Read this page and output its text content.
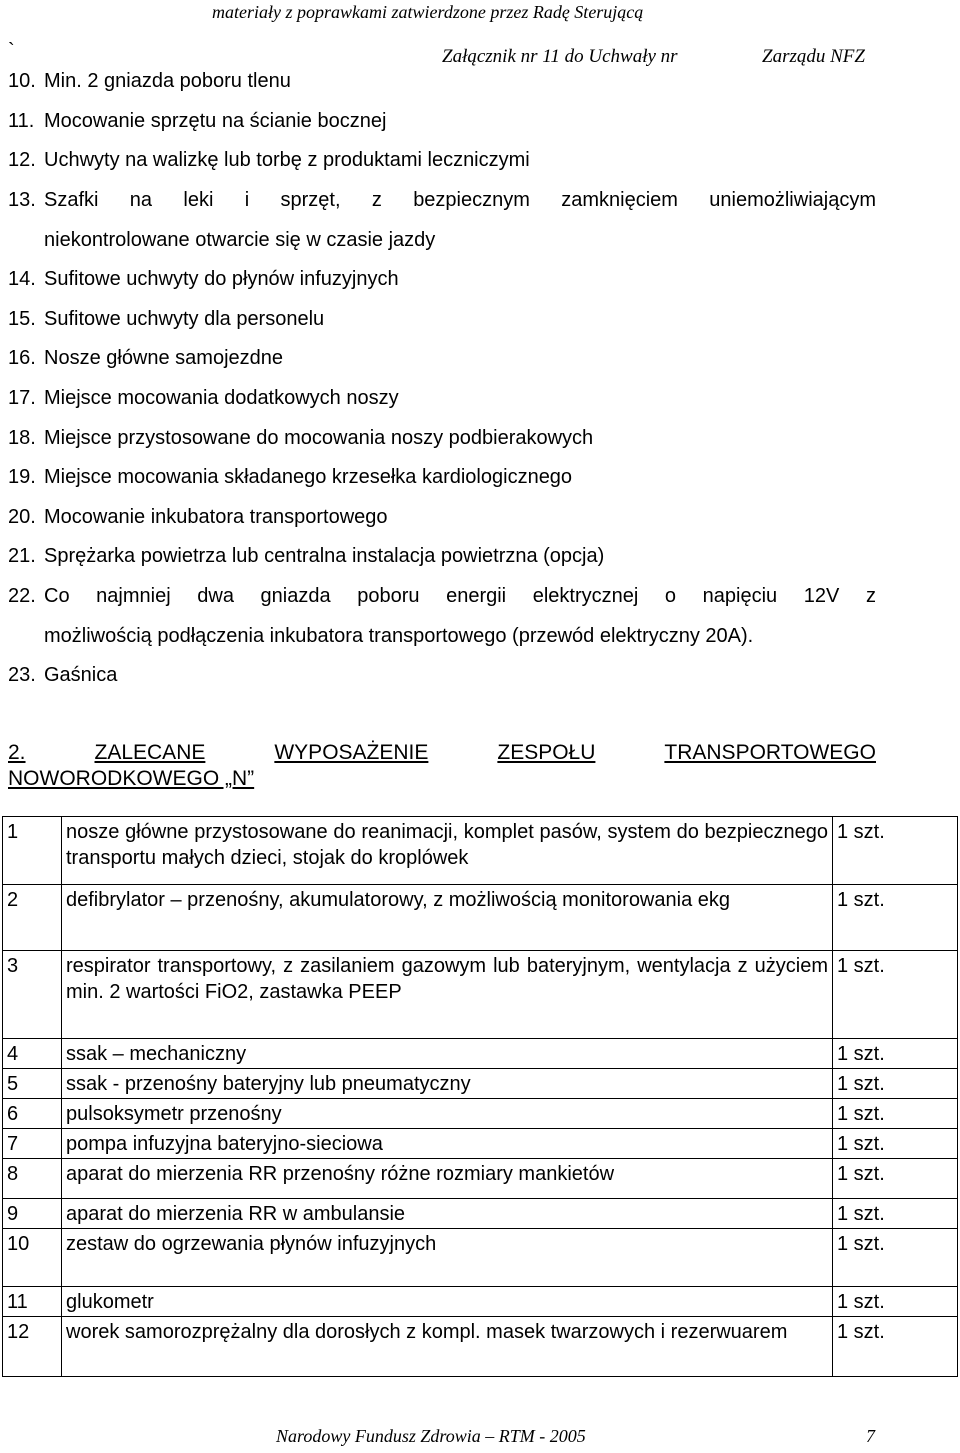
materiały z poprawkami zatwierdzone przez Radę Sterującą
`	Załącznik nr 11 do Uchwały nr	Zarządu NFZ
10. Min. 2 gniazda poboru tlenu
11. Mocowanie sprzętu na ścianie bocznej
12. Uchwyty na walizkę lub torbę z produktami leczniczymi
13. Szafki na leki i sprzęt, z bezpiecznym zamknięciem uniemożliwiającym
niekontrolowane otwarcie się w czasie jazdy
14. Sufitowe uchwyty do płynów infuzyjnych
15. Sufitowe uchwyty dla personelu
16. Nosze główne samojezdne
17. Miejsce mocowania dodatkowych noszy
18. Miejsce przystosowane do mocowania noszy podbierakowych
19. Miejsce mocowania składanego krzesełka kardiologicznego
20. Mocowanie inkubatora transportowego
21. Sprężarka powietrza lub centralna instalacja powietrzna (opcja)
22. Co najmniej dwa gniazda poboru energii elektrycznej o napięciu 12V z
możliwością podłączenia inkubatora transportowego (przewód elektryczny 20A).
23. Gaśnica
2.	ZALECANE	WYPOSAŻENIE	ZESPOŁU	TRANSPORTOWEGO
NOWORODKOWEGO „N”
1	nosze główne przystosowane do reanimacji, komplet pasów, system do bezpiecznego transportu małych dzieci, stojak do kroplówek	1 szt.
2	defibrylator – przenośny, akumulatorowy, z możliwością monitorowania ekg	1 szt.
3	respirator transportowy, z zasilaniem gazowym lub bateryjnym, wentylacja z użyciem min. 2 wartości FiO2, zastawka PEEP	1 szt.
4	ssak – mechaniczny	1 szt.
5	ssak - przenośny bateryjny lub pneumatyczny	1 szt.
6	pulsoksymetr przenośny	1 szt.
7	pompa infuzyjna bateryjno-sieciowa	1 szt.
8	aparat do mierzenia RR przenośny różne rozmiary mankietów	1 szt.
9	aparat do mierzenia RR w ambulansie	1 szt.
10	zestaw do ogrzewania płynów infuzyjnych	1 szt.
11	glukometr	1 szt.
12	worek samorozprężalny dla dorosłych z kompl. masek twarzowych i rezerwuarem	1 szt.
Narodowy Fundusz Zdrowia – RTM - 2005	7
